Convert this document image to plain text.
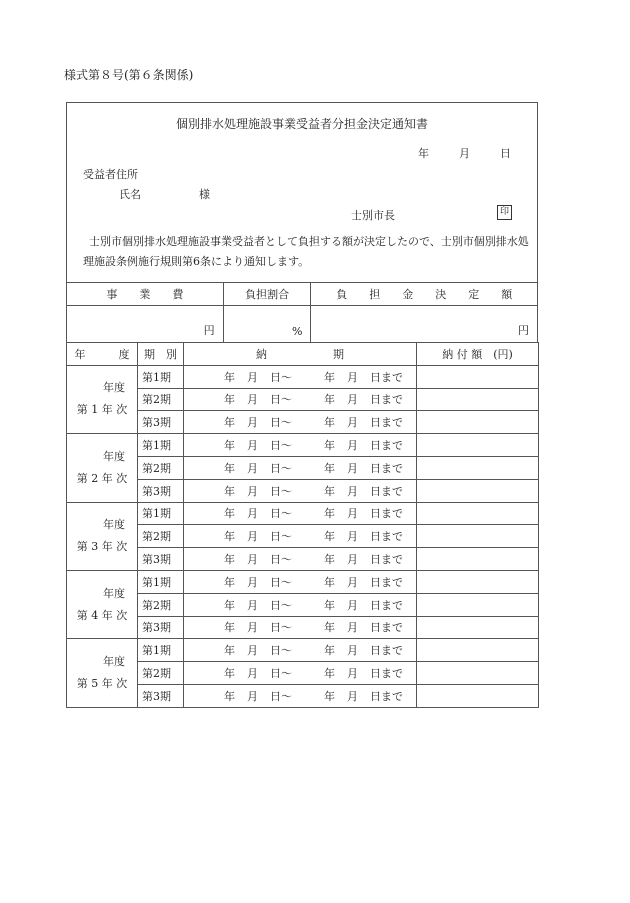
様式第８号(第６条関係)
個別排水処理施設事業受益者分担金決定通知書
年	月	日
受益者住所
氏名	様
士別市長	印
士別市個別排水処理施設事業受益者として負担する額が決定したので、士別市個別排水処理施設条例施行規則第6条により通知します。
事　　業　　費	負担割合	負　　担　　金　　決　　定　　額
円	%	円
年　　　度	期　別	納　　　　　　期	納 付 額　(円)

年度
第 1 年 次	第1期	年 月 日〜 年 月 日まで	
	第2期	年 月 日〜 年 月 日まで	
	第3期	年 月 日〜 年 月 日まで	

年度
第 2 年 次	第1期	年 月 日〜 年 月 日まで	
	第2期	年 月 日〜 年 月 日まで	
	第3期	年 月 日〜 年 月 日まで	

年度
第 3 年 次	第1期	年 月 日〜 年 月 日まで	
	第2期	年 月 日〜 年 月 日まで	
	第3期	年 月 日〜 年 月 日まで	

年度
第 4 年 次	第1期	年 月 日〜 年 月 日まで	
	第2期	年 月 日〜 年 月 日まで	
	第3期	年 月 日〜 年 月 日まで	

年度
第 5 年 次	第1期	年 月 日〜 年 月 日まで	
	第2期	年 月 日〜 年 月 日まで	
	第3期	年 月 日〜 年 月 日まで	
